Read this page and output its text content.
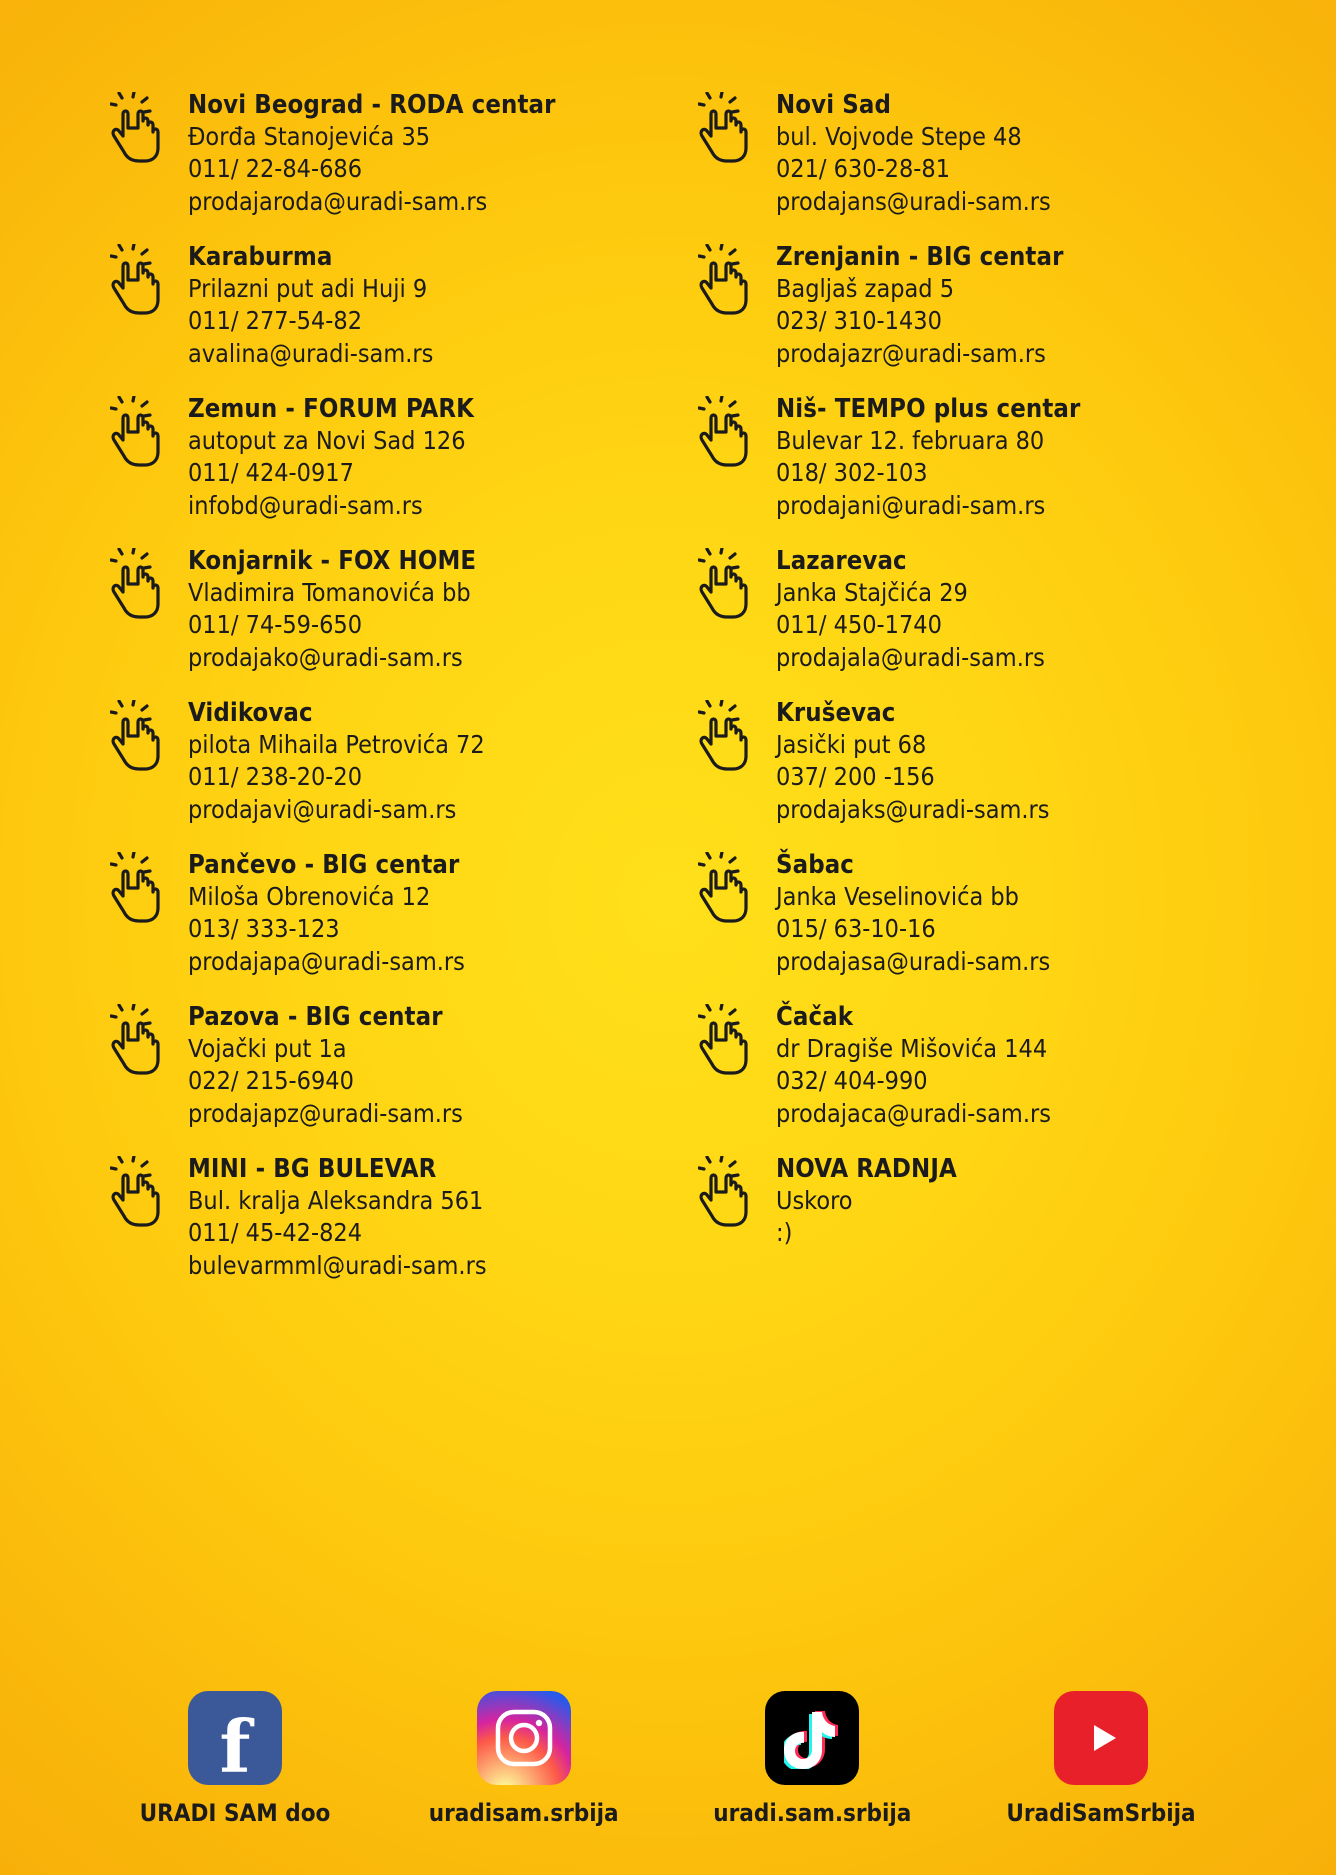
Novi Beograd - RODA centar
Đorđa Stanojevića 35
011/ 22-84-686
prodajaroda@uradi-sam.rs
Karaburma
Prilazni put adi Huji 9
011/ 277-54-82
avalina@uradi-sam.rs
Zemun - FORUM PARK
autoput za Novi Sad 126
011/ 424-0917
infobd@uradi-sam.rs
Konjarnik - FOX HOME
Vladimira Tomanovića bb
011/ 74-59-650
prodajako@uradi-sam.rs
Vidikovac
pilota Mihaila Petrovića 72
011/ 238-20-20
prodajavi@uradi-sam.rs
Pančevo - BIG centar
Miloša Obrenovića 12
013/ 333-123
prodajapa@uradi-sam.rs
Pazova - BIG centar
Vojački put 1a
022/ 215-6940
prodajapz@uradi-sam.rs
MINI - BG BULEVAR
Bul. kralja Aleksandra 561
011/ 45-42-824
bulevarmml@uradi-sam.rs
Novi Sad
bul. Vojvode Stepe 48
021/ 630-28-81
prodajans@uradi-sam.rs
Zrenjanin - BIG centar
Bagljaš zapad 5
023/ 310-1430
prodajazr@uradi-sam.rs
Niš- TEMPO plus centar
Bulevar 12. februara 80
018/ 302-103
prodajani@uradi-sam.rs
Lazarevac
Janka Stajčića 29
011/ 450-1740
prodajala@uradi-sam.rs
Kruševac
Jasički put 68
037/ 200 -156
prodajaks@uradi-sam.rs
Šabac
Janka Veselinovića bb
015/ 63-10-16
prodajasa@uradi-sam.rs
Čačak
dr Dragiše Mišovića 144
032/ 404-990
prodajaca@uradi-sam.rs
NOVA RADNJA
Uskoro
:)
f
URADI SAM doo	uradisam.srbija	uradi.sam.srbija	UradiSamSrbija
